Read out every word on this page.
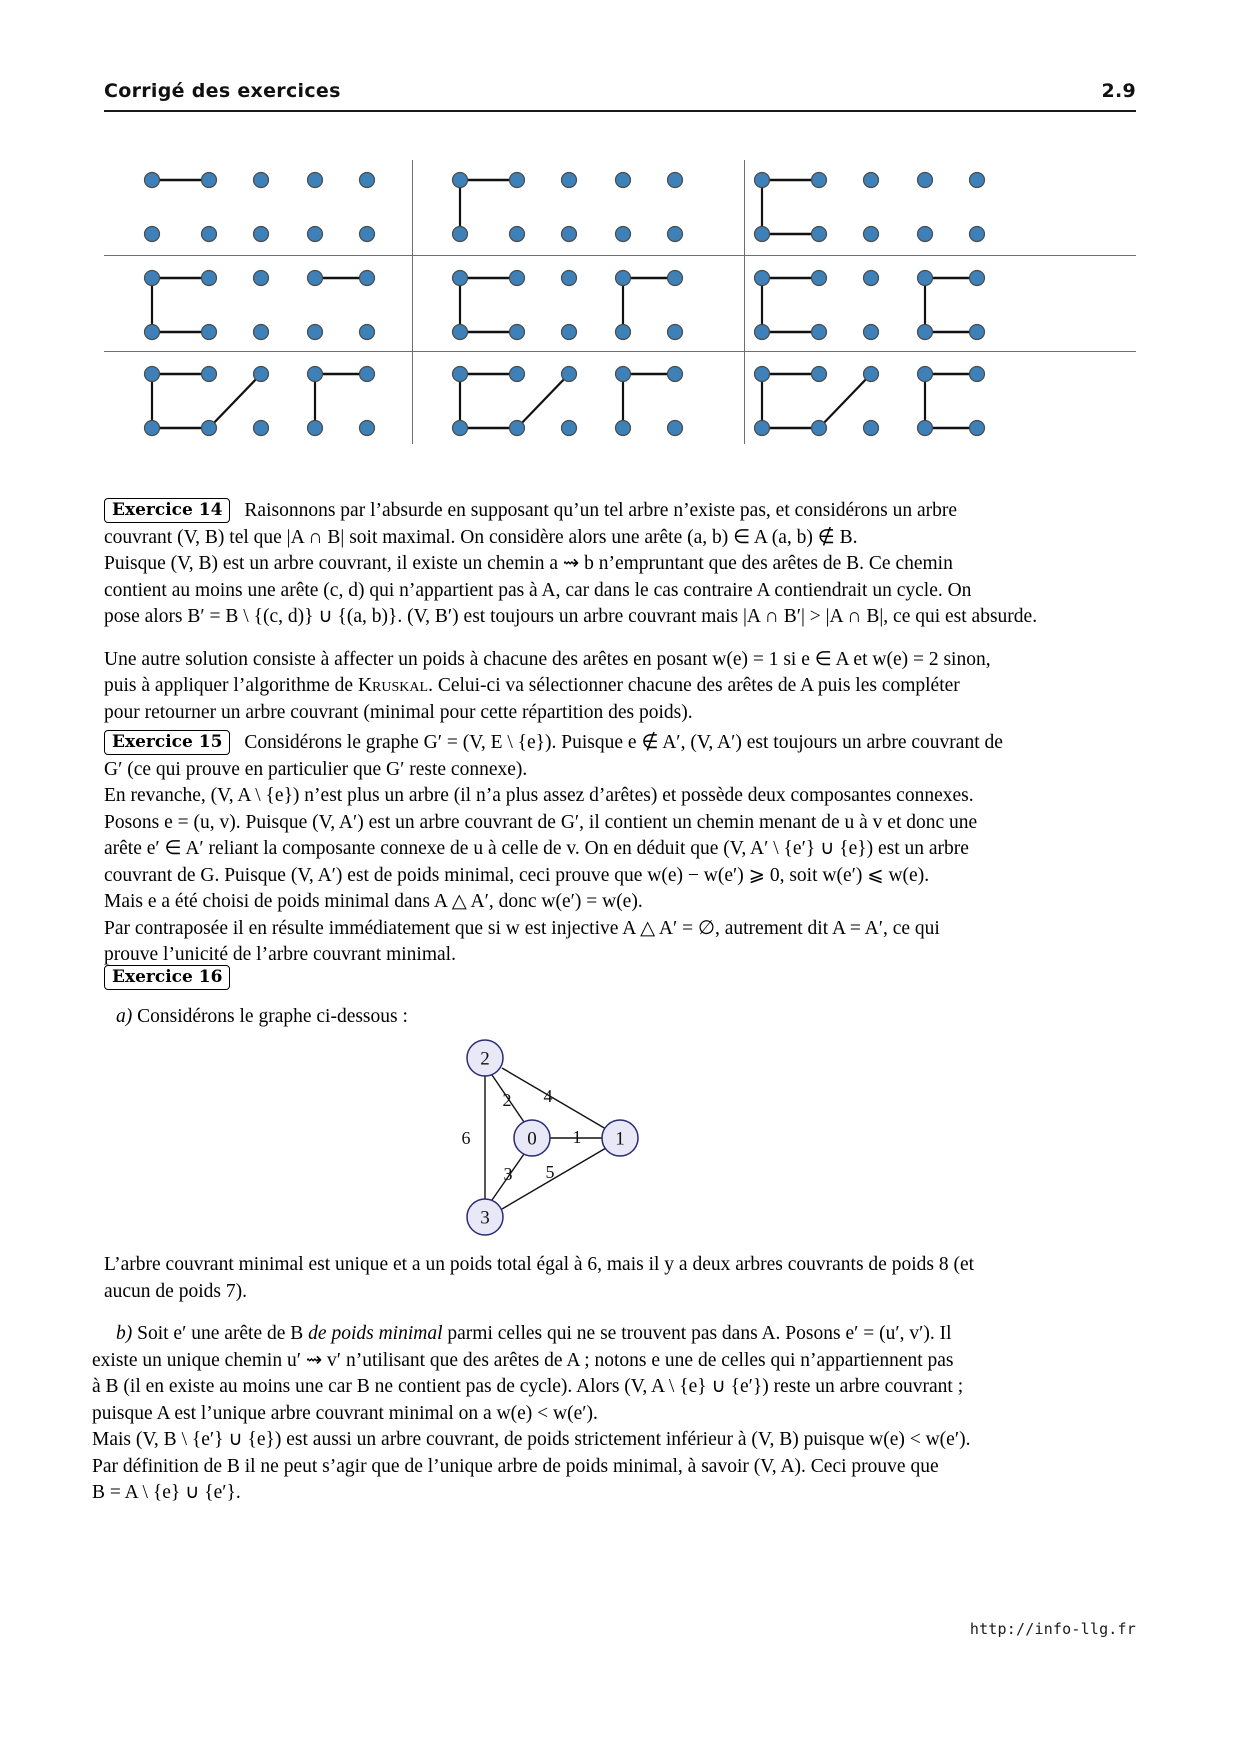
Corrigé des exercices	2.9

Exercice 14 Raisonnons par l’absurde en supposant qu’un tel arbre n’existe pas, et considérons un arbre
couvrant (V, B) tel que |A ∩ B| soit maximal. On considère alors une arête (a, b) ∈ A (a, b) ∉ B.
Puisque (V, B) est un arbre couvrant, il existe un chemin a ⇝ b n’empruntant que des arêtes de B. Ce chemin
contient au moins une arête (c, d) qui n’appartient pas à A, car dans le cas contraire A contiendrait un cycle. On
pose alors B′ = B \ {(c, d)} ∪ {(a, b)}. (V, B′) est toujours un arbre couvrant mais |A ∩ B′| > |A ∩ B|, ce qui est absurde.

Une autre solution consiste à affecter un poids à chacune des arêtes en posant w(e) = 1 si e ∈ A et w(e) = 2 sinon,
puis à appliquer l’algorithme de Kruskal. Celui-ci va sélectionner chacune des arêtes de A puis les compléter
pour retourner un arbre couvrant (minimal pour cette répartition des poids).

Exercice 15 Considérons le graphe G′ = (V, E \ {e}). Puisque e ∉ A′, (V, A′) est toujours un arbre couvrant de
G′ (ce qui prouve en particulier que G′ reste connexe).
En revanche, (V, A \ {e}) n’est plus un arbre (il n’a plus assez d’arêtes) et possède deux composantes connexes.
Posons e = (u, v). Puisque (V, A′) est un arbre couvrant de G′, il contient un chemin menant de u à v et donc une
arête e′ ∈ A′ reliant la composante connexe de u à celle de v. On en déduit que (V, A′ \ {e′} ∪ {e}) est un arbre
couvrant de G. Puisque (V, A′) est de poids minimal, ceci prouve que w(e) − w(e′) ⩾ 0, soit w(e′) ⩽ w(e).
Mais e a été choisi de poids minimal dans A △ A′, donc w(e′) = w(e).
Par contraposée il en résulte immédiatement que si w est injective A △ A′ = ∅, autrement dit A = A′, ce qui
prouve l’unicité de l’arbre couvrant minimal.

Exercice 16

a) Considérons le graphe ci-dessous :

2
0	1
3
2 4
6	1
3 5

L’arbre couvrant minimal est unique et a un poids total égal à 6, mais il y a deux arbres couvrants de poids 8 (et
aucun de poids 7).

b) Soit e′ une arête de B de poids minimal parmi celles qui ne se trouvent pas dans A. Posons e′ = (u′, v′). Il

existe un unique chemin u′ ⇝ v′ n’utilisant que des arêtes de A ; notons e une de celles qui n’appartiennent pas
à B (il en existe au moins une car B ne contient pas de cycle). Alors (V, A \ {e} ∪ {e′}) reste un arbre couvrant ;
puisque A est l’unique arbre couvrant minimal on a w(e) < w(e′).
Mais (V, B \ {e′} ∪ {e}) est aussi un arbre couvrant, de poids strictement inférieur à (V, B) puisque w(e) < w(e′).
Par définition de B il ne peut s’agir que de l’unique arbre de poids minimal, à savoir (V, A). Ceci prouve que
B = A \ {e} ∪ {e′}.

http://info-llg.fr
